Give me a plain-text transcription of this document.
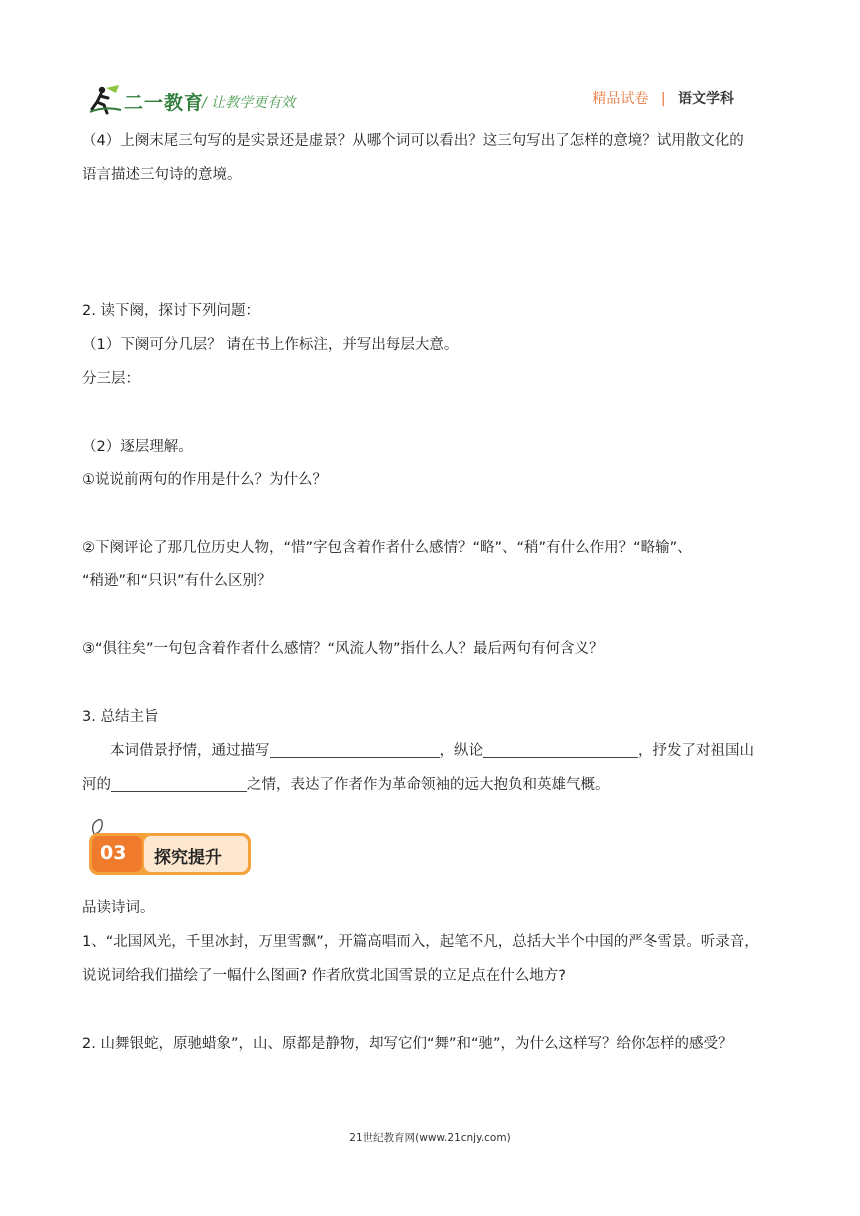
二一教育
/ 让教学更有效	精品试卷 | 语文学科
（4）上阕末尾三句写的是实景还是虚景？从哪个词可以看出？这三句写出了怎样的意境？试用散文化的
语言描述三句诗的意境。
2. 读下阕，探讨下列问题：
（1）下阕可分几层？ 请在书上作标注，并写出每层大意。
分三层：
（2）逐层理解。
①说说前两句的作用是什么？为什么？
②下阕评论了那几位历史人物，“惜”字包含着作者什么感情？“略”、“稍”有什么作用？“略输”、
“稍逊”和“只识”有什么区别？
③“俱往矣”一句包含着作者什么感情？“风流人物”指什么人？最后两句有何含义？
3. 总结主旨
本词借景抒情，通过描写	，纵论	，抒发了对祖国山
河的	之情，表达了作者作为革命领袖的远大抱负和英雄气概。
03 探究提升
品读诗词。
1、“北国风光，千里冰封，万里雪飘”，开篇高唱而入，起笔不凡，总括大半个中国的严冬雪景。听录音，
说说词给我们描绘了一幅什么图画? 作者欣赏北国雪景的立足点在什么地方?
2. 山舞银蛇，原驰蜡象”，山、原都是静物，却写它们“舞”和“驰”，为什么这样写？给你怎样的感受？
21世纪教育网(www.21cnjy.com)
